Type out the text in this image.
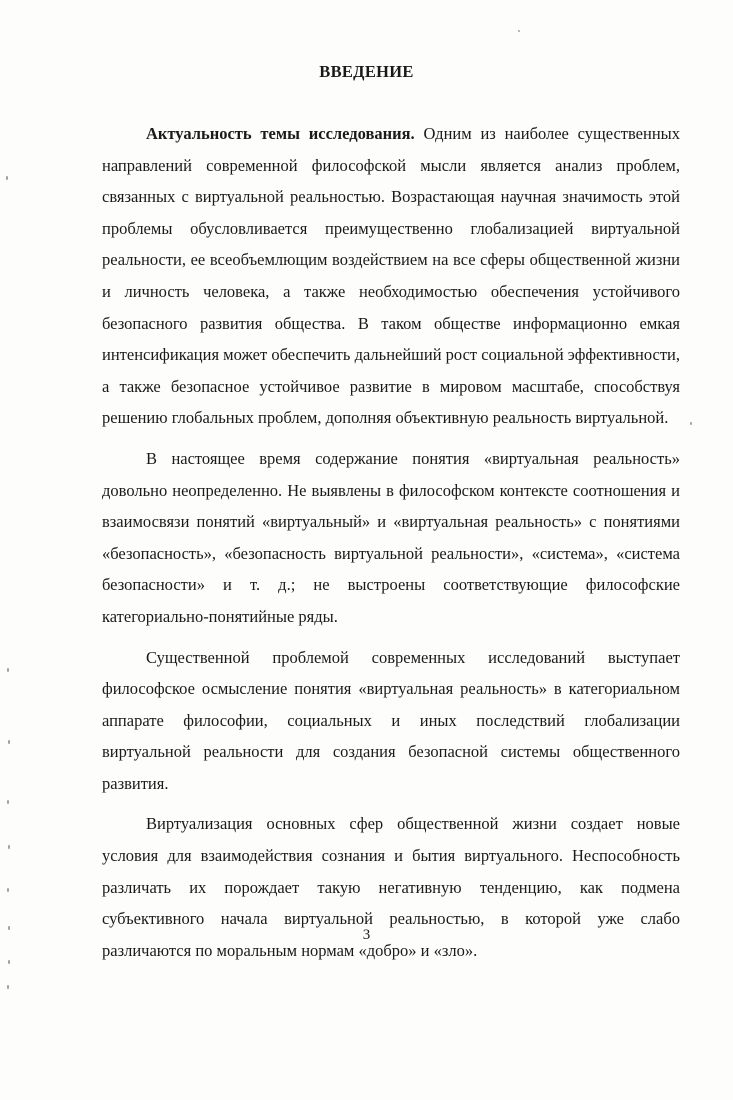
ВВЕДЕНИЕ

Актуальность темы исследования. Одним из наиболее существенных направлений современной философской мысли является анализ проблем, связанных с виртуальной реальностью. Возрастающая научная значимость этой проблемы обусловливается преимущественно глобализацией виртуальной реальности, ее всеобъемлющим воздействием на все сферы общественной жизни и личность человека, а также необходимостью обеспечения устойчивого безопасного развития общества. В таком обществе информационно емкая интенсификация может обеспечить дальнейший рост социальной эффективности, а также безопасное устойчивое развитие в мировом масштабе, способствуя решению глобальных проблем, дополняя объективную реальность виртуальной.

В настоящее время содержание понятия «виртуальная реальность» довольно неопределенно. Не выявлены в философском контексте соотношения и взаимосвязи понятий «виртуальный» и «виртуальная реальность» с понятиями «безопасность», «безопасность виртуальной реальности», «система», «система безопасности» и т. д.; не выстроены соответствующие философские категориально-понятийные ряды.

Существенной проблемой современных исследований выступает философское осмысление понятия «виртуальная реальность» в категориальном аппарате философии, социальных и иных последствий глобализации виртуальной реальности для создания безопасной системы общественного развития.

Виртуализация основных сфер общественной жизни создает новые условия для взаимодействия сознания и бытия виртуального. Неспособность различать их порождает такую негативную тенденцию, как подмена субъективного начала виртуальной реальностью, в которой уже слабо различаются по моральным нормам «добро» и «зло».

3
